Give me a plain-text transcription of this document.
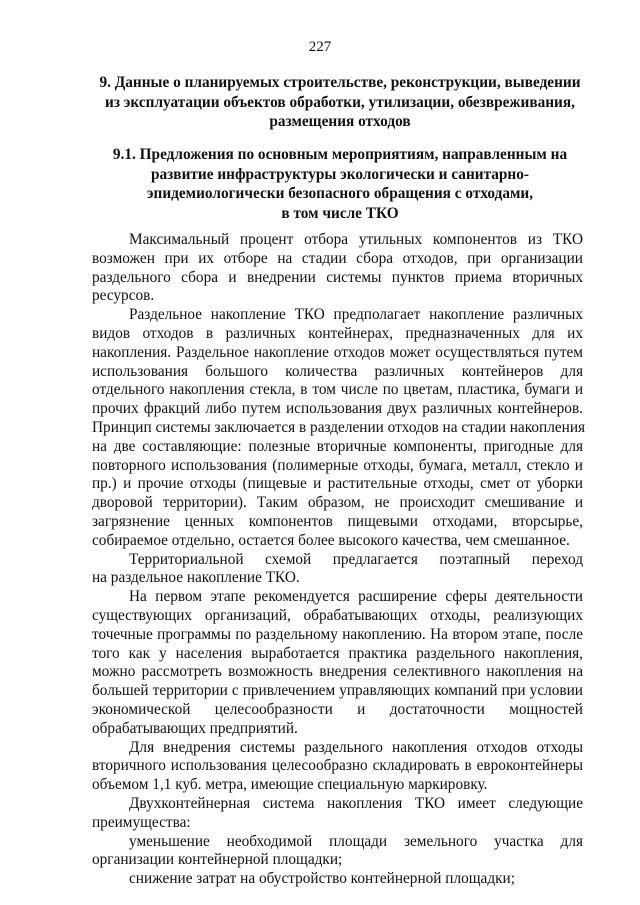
227
9. Данные о планируемых строительстве, реконструкции, выведении
из эксплуатации объектов обработки, утилизации, обезвреживания,
размещения отходов
9.1. Предложения по основным мероприятиям, направленным на
развитие инфраструктуры экологически и санитарно-
эпидемиологически безопасного обращения с отходами,
в том числе ТКО
Максимальный процент отбора утильных компонентов из ТКО
возможен при их отборе на стадии сбора отходов, при организации
раздельного сбора и внедрении системы пунктов приема вторичных
ресурсов.
Раздельное накопление ТКО предполагает накопление различных
видов отходов в различных контейнерах, предназначенных для их
накопления. Раздельное накопление отходов может осуществляться путем
использования большого количества различных контейнеров для
отдельного накопления стекла, в том числе по цветам, пластика, бумаги и
прочих фракций либо путем использования двух различных контейнеров.
Принцип системы заключается в разделении отходов на стадии накопления
на две составляющие: полезные вторичные компоненты, пригодные для
повторного использования (полимерные отходы, бумага, металл, стекло и
пр.) и прочие отходы (пищевые и растительные отходы, смет от уборки
дворовой территории). Таким образом, не происходит смешивание и
загрязнение ценных компонентов пищевыми отходами, вторсырье,
собираемое отдельно, остается более высокого качества, чем смешанное.
Территориальной схемой предлагается поэтапный переход
на раздельное накопление ТКО.
На первом этапе рекомендуется расширение сферы деятельности
существующих организаций, обрабатывающих отходы, реализующих
точечные программы по раздельному накоплению. На втором этапе, после
того как у населения выработается практика раздельного накопления,
можно рассмотреть возможность внедрения селективного накопления на
большей территории с привлечением управляющих компаний при условии
экономической целесообразности и достаточности мощностей
обрабатывающих предприятий.
Для внедрения системы раздельного накопления отходов отходы
вторичного использования целесообразно складировать в евроконтейнеры
объемом 1,1 куб. метра, имеющие специальную маркировку.
Двухконтейнерная система накопления ТКО имеет следующие
преимущества:
уменьшение необходимой площади земельного участка для
организации контейнерной площадки;
снижение затрат на обустройство контейнерной площадки;
